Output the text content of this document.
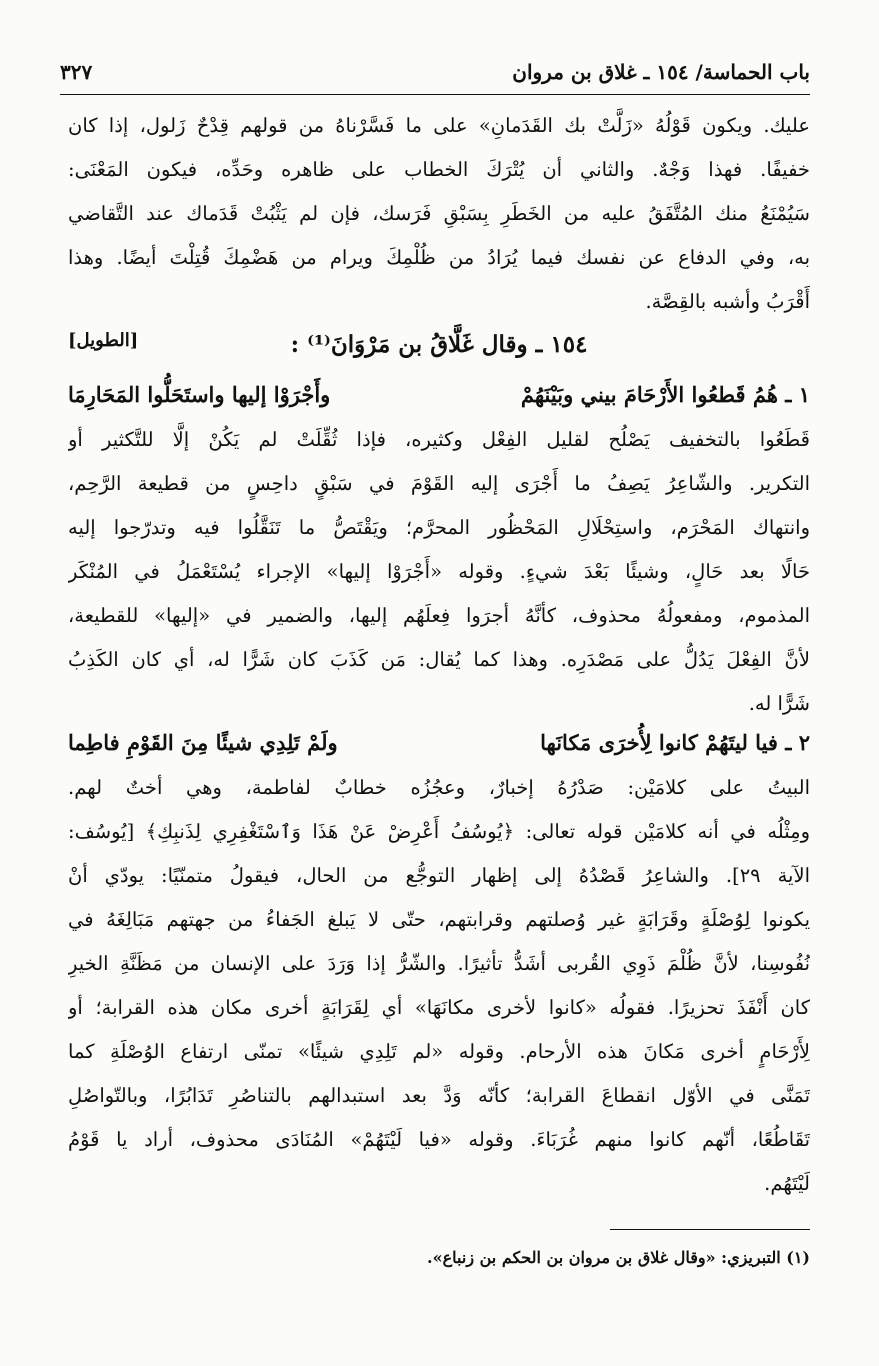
باب الحماسة/ ١٥٤ ـ غلاق بن مروان
٣٢٧
عليك. ويكون قَوْلُهُ «زَلَّتْ بك القَدَمانِ» على ما فَسَّرْناهُ من قولهم قِدْحٌ زَلول، إذا كان
خفيفًا. فهذا وَجْهٌ. والثاني أن يُتْرَكَ الخطاب على ظاهره وحَدِّه، فيكون المَعْنَى:
سَيُمْنَعُ منك المُتَّفَقُ عليه من الخَطَرِ بِسَبْقِ فَرَسك، فإن لم يَثْبُتْ قَدَماك عند التَّقاضي
به، وفي الدفاع عن نفسك فيما يُرَادُ من ظُلْمِكَ ويرام من هَضْمِكَ قُتِلْتَ أيضًا. وهذا
أَقْرَبُ وأشبه بالقِصَّة.
١٥٤ ـ وقال غَلَّاقُ بن مَرْوَانَ⁽¹⁾ :
[الطويل]
١ ـ هُمُ قَطعُوا الأَرْحَامَ بيني وبَيْنَهُمْ
وأَجْرَوْا إليها واستَحَلُّوا المَحَارِمَا
قَطَعُوا بالتخفيف يَصْلُح لقليل الفِعْل وكثيره، فإذا ثُقِّلَتْ لم يَكُنْ إلَّا للتَّكثير أو
التكرير. والشّاعِرُ يَصِفُ ما أَجْرَى إليه القَوْمَ في سَبْقٍ داحِسٍ من قطيعة الرَّحِم،
وانتهاك المَحْرَم، واستِحْلَالِ المَحْظُور المحرَّم؛ ويَقْتَصُّ ما تَنَقَّلُوا فيه وتدرّجوا إليه
حَالًا بعد حَالٍ، وشيئًا بَعْدَ شيءٍ. وقوله «أَجْرَوْا إليها» الإجراء يُسْتَعْمَلُ في المُنْكَر
المذموم، ومفعولُهُ محذوف، كأنَّهُ أجرَوا فِعلَهُم إليها، والضمير في «إليها» للقطيعة،
لأنَّ الفِعْلَ يَدُلُّ على مَصْدَرِه. وهذا كما يُقال: مَن كَذَبَ كان شَرًّا له، أي كان الكَذِبُ
شَرًّا له.
٢ ـ فيا ليتَهُمْ كانوا لِأُخرَى مَكانَها
ولَمْ تَلِدِي شيئًا مِنَ القَوْمِ فاطِما
البيتُ على كلامَيْن: صَدْرُهُ إخبارٌ، وعجُزُه خطابٌ لفاطمة، وهي أختٌ لهم.
ومِثْلُه في أنه كلامَيْن قوله تعالى: ﴿يُوسُفُ أَعْرِضْ عَنْ هَذَا وَٱسْتَغْفِرِي لِذَنبِكِ﴾ [يُوسُف:
الآية ٢٩]. والشاعِرُ قَصْدُهُ إلى إظهار التوجُّع من الحال، فيقولُ متمنّيًا: يودّي أنْ
يكونوا لِوُصْلَةٍ وقَرَابَةٍ غير وُصلتهم وقرابتهم، حتّى لا يَبلغ الجَفاءُ من جهتهم مَبَالِغَهُ في
نُفُوسِنا، لأنَّ ظُلْمَ ذَوِي القُربى أشَدُّ تأثيرًا. والشّرُّ إذا وَرَدَ على الإنسان من مَظَنَّةِ الخيرِ
كان أَنْفَذَ تحزيرًا. فقولُه «كانوا لأخرى مكانَهَا» أي لِقَرَابَةٍ أخرى مكان هذه القرابة؛ أو
لِأَرْحَامٍ أخرى مَكانَ هذه الأرحام. وقوله «لم تَلِدِي شيئًا» تمنّى ارتفاع الوُصْلَةِ كما
تَمَنَّى في الأوّل انقطاعَ القرابة؛ كأنّه وَدَّ بعد استبدالهم بالتناصُرِ تَدَابُرًا، وبالتّواصُلِ
تَقَاطُعًا، أنّهم كانوا منهم غُرَبَاءَ. وقوله «فيا لَيْتَهُمْ» المُنَادَى محذوف، أراد يا قَوْمُ
لَيْتَهُم.
(١) التبريزي: «وقال غلاق بن مروان بن الحكم بن زنباع».
